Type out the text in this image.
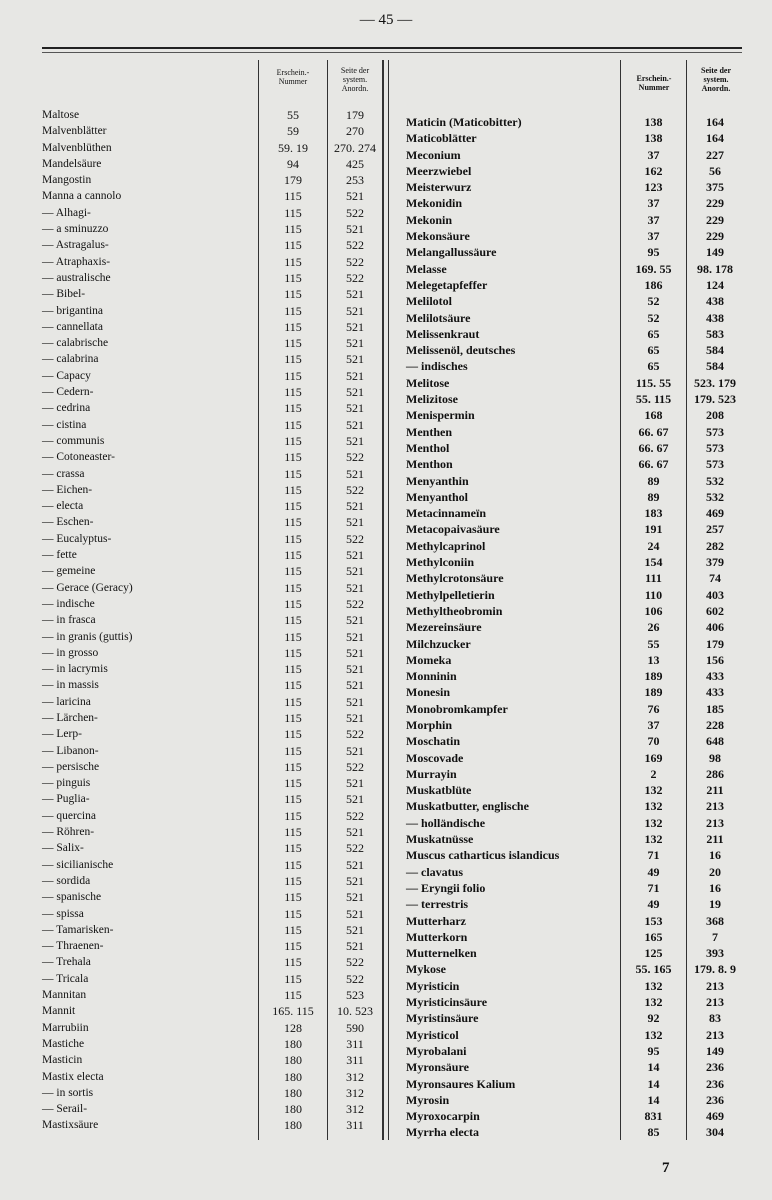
— 45 —
Erschein.- Nummer
Seite der system. Anordn.
Erschein.- Nummer
Seite der system. Anordn.
Maltose
Malvenblätter
Malvenblüthen
Mandelsäure
Mangostin
Manna a cannolo
— Alhagi-
— a sminuzzo
— Astragalus-
— Atraphaxis-
— australische
— Bibel-
— brigantina
— cannellata
— calabrische
— calabrina
— Capacy
— Cedern-
— cedrina
— cistina
— communis
— Cotoneaster-
— crassa
— Eichen-
— electa
— Eschen-
— Eucalyptus-
— fette
— gemeine
— Gerace (Geracy)
— indische
— in frasca
— in granis (guttis)
— in grosso
— in lacrymis
— in massis
— laricina
— Lärchen-
— Lerp-
— Libanon-
— persische
— pinguis
— Puglia-
— quercina
— Röhren-
— Salix-
— sicilianische
— sordida
— spanische
— spissa
— Tamarisken-
— Thraenen-
— Trehala
— Tricala
Mannitan
Mannit
Marrubiin
Mastiche
Masticin
Mastix electa
— in sortis
— Serail-
Mastixsäure
55
59
59. 19
94
179
115
115
115
115
115
115
115
115
115
115
115
115
115
115
115
115
115
115
115
115
115
115
115
115
115
115
115
115
115
115
115
115
115
115
115
115
115
115
115
115
115
115
115
115
115
115
115
115
115
115
165. 115
128
180
180
180
180
180
180
179
270
270. 274
425
253
521
522
521
522
522
522
521
521
521
521
521
521
521
521
521
521
522
521
522
521
521
522
521
521
521
522
521
521
521
521
521
521
521
522
521
522
521
521
522
521
522
521
521
521
521
521
521
522
522
523
10. 523
590
311
311
312
312
312
311
Maticin (Maticobitter)
Maticoblätter
Meconium
Meerzwiebel
Meisterwurz
Mekonidin
Mekonin
Mekonsäure
Melangallussäure
Melasse
Melegetapfeffer
Melilotol
Melilotsäure
Melissenkraut
Melissenöl, deutsches
— indisches
Melitose
Melizitose
Menispermin
Menthen
Menthol
Menthon
Menyanthin
Menyanthol
Metacinnameïn
Metacopaivasäure
Methylcaprinol
Methylconiin
Methylcrotonsäure
Methylpelletierin
Methyltheobromin
Mezereinsäure
Milchzucker
Momeka
Monninin
Monesin
Monobromkampfer
Morphin
Moschatin
Moscovade
Murrayin
Muskatblüte
Muskatbutter, englische
— holländische
Muskatnüsse
Muscus catharticus islandicus
— clavatus
— Eryngii folio
— terrestris
Mutterharz
Mutterkorn
Mutternelken
Mykose
Myristicin
Myristicinsäure
Myristinsäure
Myristicol
Myrobalani
Myronsäure
Myronsaures Kalium
Myrosin
Myroxocarpin
Myrrha electa
138
138
37
162
123
37
37
37
95
169. 55
186
52
52
65
65
65
115. 55
55. 115
168
66. 67
66. 67
66. 67
89
89
183
191
24
154
111
110
106
26
55
13
189
189
76
37
70
169
2
132
132
132
132
71
49
71
49
153
165
125
55. 165
132
132
92
132
95
14
14
14
831
85
164
164
227
56
375
229
229
229
149
98. 178
124
438
438
583
584
584
523. 179
179. 523
208
573
573
573
532
532
469
257
282
379
74
403
602
406
179
156
433
433
185
228
648
98
286
211
213
213
211
16
20
16
19
368
7
393
179. 8. 9
213
213
83
213
149
236
236
236
469
304
7
